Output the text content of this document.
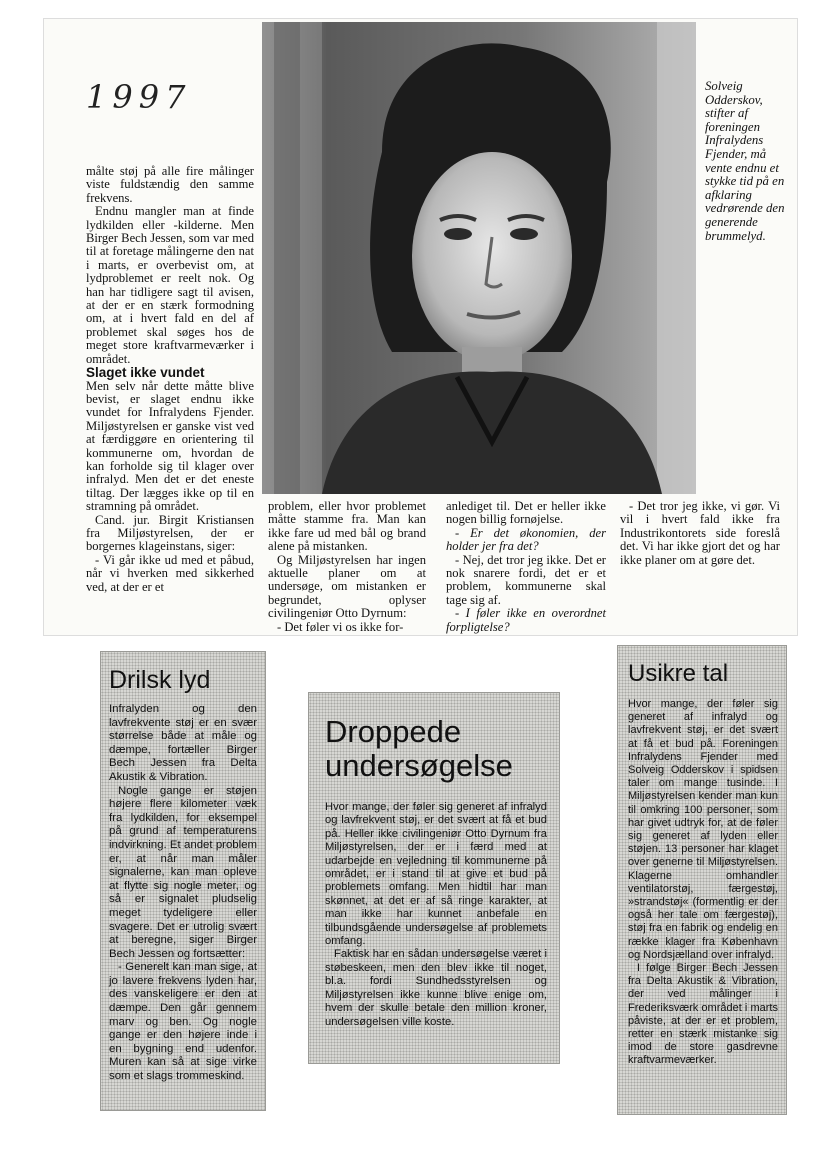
1997

målte støj på alle fire målinger viste fuldstændig den samme frekvens.

Endnu mangler man at finde lydkilden eller -kilderne. Men Birger Bech Jessen, som var med til at foretage målingerne den nat i marts, er overbevist om, at lydproblemet er reelt nok. Og han har tidligere sagt til avisen, at der er en stærk formodning om, at i hvert fald en del af problemet skal søges hos de meget store kraftvarmeværker i området.

Slaget ikke vundet

Men selv når dette måtte blive bevist, er slaget endnu ikke vundet for Infralydens Fjender. Miljøstyrelsen er ganske vist ved at færdiggøre en orientering til kommunerne om, hvordan de kan forholde sig til klager over infralyd. Men det er det eneste tiltag. Der lægges ikke op til en stramning på området.

Cand. jur. Birgit Kristiansen fra Miljøstyrelsen, der er borgernes klageinstans, siger:

- Vi går ikke ud med et påbud, når vi hverken med sikkerhed ved, at der er et

Solveig Odderskov, stifter af foreningen Infralydens Fjender, må vente endnu et stykke tid på en afklaring vedrørende den generende brummelyd.

problem, eller hvor problemet måtte stamme fra. Man kan ikke fare ud med bål og brand alene på mistanken.

Og Miljøstyrelsen har ingen aktuelle planer om at undersøge, om mistanken er begrundet, oplyser civilingeniør Otto Dyrnum:

- Det føler vi os ikke for-

anlediget til. Det er heller ikke nogen billig fornøjelse.

- Er det økonomien, der holder jer fra det?

- Nej, det tror jeg ikke. Det er nok snarere fordi, det er et problem, kommunerne skal tage sig af.

- I føler ikke en overordnet forpligtelse?

- Det tror jeg ikke, vi gør. Vi vil i hvert fald ikke fra Industrikontorets side foreslå det. Vi har ikke gjort det og har ikke planer om at gøre det.

Drilsk lyd

Infralyden og den lavfrekvente støj er en svær størrelse både at måle og dæmpe, fortæller Birger Bech Jessen fra Delta Akustik & Vibration.

Nogle gange er støjen højere flere kilometer væk fra lydkilden, for eksempel på grund af temperaturens indvirkning. Et andet problem er, at når man måler signalerne, kan man opleve at flytte sig nogle meter, og så er signalet pludselig meget tydeligere eller svagere. Det er utrolig svært at beregne, siger Birger Bech Jessen og fortsætter:

- Generelt kan man sige, at jo lavere frekvens lyden har, des vanskeligere er den at dæmpe. Den går gennem marv og ben. Og nogle gange er den højere inde i en bygning end udenfor. Muren kan så at sige virke som et slags trommeskind.

Droppede undersøgelse

Hvor mange, der føler sig generet af infralyd og lavfrekvent støj, er det svært at få et bud på. Heller ikke civilingeniør Otto Dyrnum fra Miljøstyrelsen, der er i færd med at udarbejde en vejledning til kommunerne på området, er i stand til at give et bud på problemets omfang. Men hidtil har man skønnet, at det er af så ringe karakter, at man ikke har kunnet anbefale en tilbundsgående undersøgelse af problemets omfang.

Faktisk har en sådan undersøgelse været i støbeskeen, men den blev ikke til noget, bl.a. fordi Sundhedsstyrelsen og Miljøstyrelsen ikke kunne blive enige om, hvem der skulle betale den million kroner, undersøgelsen ville koste.

Usikre tal

Hvor mange, der føler sig generet af infralyd og lavfrekvent støj, er det svært at få et bud på. Foreningen Infralydens Fjender med Solveig Odderskov i spidsen taler om mange tusinde. I Miljøstyrelsen kender man kun til omkring 100 personer, som har givet udtryk for, at de føler sig generet af lyden eller støjen. 13 personer har klaget over generne til Miljøstyrelsen. Klagerne omhandler ventilatorstøj, færgestøj, »strandstøj« (formentlig er der også her tale om færgestøj), støj fra en fabrik og endelig en række klager fra København og Nordsjælland over infralyd.

I følge Birger Bech Jessen fra Delta Akustik & Vibration, der ved målinger i Frederiksværk området i marts påviste, at der er et problem, retter en stærk mistanke sig imod de store gasdrevne kraftvarmeværker.
